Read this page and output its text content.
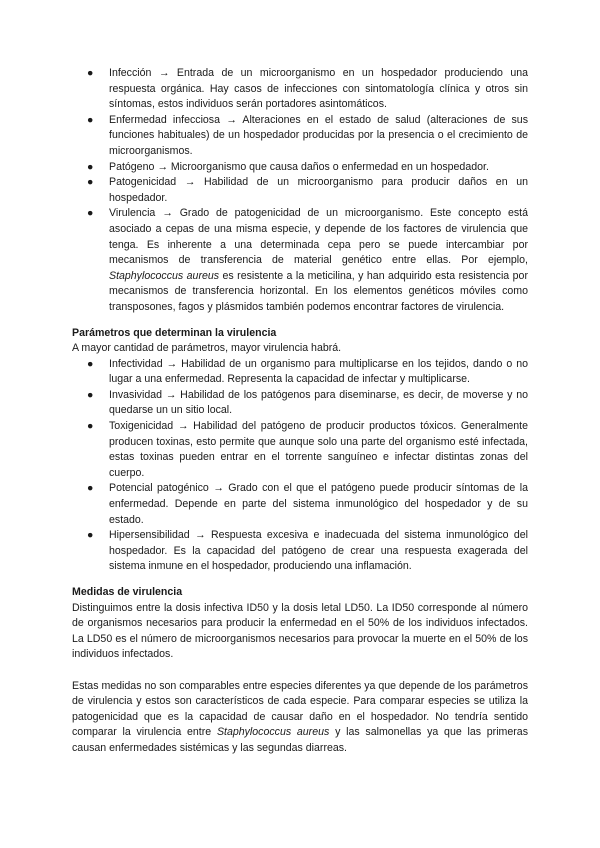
● Infección → Entrada de un microorganismo en un hospedador produciendo una respuesta orgánica. Hay casos de infecciones con sintomatología clínica y otros sin síntomas, estos individuos serán portadores asintomáticos.
● Enfermedad infecciosa → Alteraciones en el estado de salud (alteraciones de sus funciones habituales) de un hospedador producidas por la presencia o el crecimiento de microorganismos.
● Patógeno → Microorganismo que causa daños o enfermedad en un hospedador.
● Patogenicidad → Habilidad de un microorganismo para producir daños en un hospedador.
● Virulencia → Grado de patogenicidad de un microorganismo. Este concepto está asociado a cepas de una misma especie, y depende de los factores de virulencia que tenga. Es inherente a una determinada cepa pero se puede intercambiar por mecanismos de transferencia de material genético entre ellas. Por ejemplo, Staphylococcus aureus es resistente a la meticilina, y han adquirido esta resistencia por mecanismos de transferencia horizontal. En los elementos genéticos móviles como transposones, fagos y plásmidos también podemos encontrar factores de virulencia.

Parámetros que determinan la virulencia

A mayor cantidad de parámetros, mayor virulencia habrá.

● Infectividad → Habilidad de un organismo para multiplicarse en los tejidos, dando o no lugar a una enfermedad. Representa la capacidad de infectar y multiplicarse.
● Invasividad → Habilidad de los patógenos para diseminarse, es decir, de moverse y no quedarse un un sitio local.
● Toxigenicidad → Habilidad del patógeno de producir productos tóxicos. Generalmente producen toxinas, esto permite que aunque solo una parte del organismo esté infectada, estas toxinas pueden entrar en el torrente sanguíneo e infectar distintas zonas del cuerpo.
● Potencial patogénico → Grado con el que el patógeno puede producir síntomas de la enfermedad. Depende en parte del sistema inmunológico del hospedador y de su estado.
● Hipersensibilidad → Respuesta excesiva e inadecuada del sistema inmunológico del hospedador. Es la capacidad del patógeno de crear una respuesta exagerada del sistema inmune en el hospedador, produciendo una inflamación.

Medidas de virulencia

Distinguimos entre la dosis infectiva ID50 y la dosis letal LD50. La ID50 corresponde al número de organismos necesarios para producir la enfermedad en el 50% de los individuos infectados. La LD50 es el número de microorganismos necesarios para provocar la muerte en el 50% de los individuos infectados.

Estas medidas no son comparables entre especies diferentes ya que depende de los parámetros de virulencia y estos son característicos de cada especie. Para comparar especies se utiliza la patogenicidad que es la capacidad de causar daño en el hospedador. No tendría sentido comparar la virulencia entre Staphylococcus aureus y las salmonellas ya que las primeras causan enfermedades sistémicas y las segundas diarreas.
